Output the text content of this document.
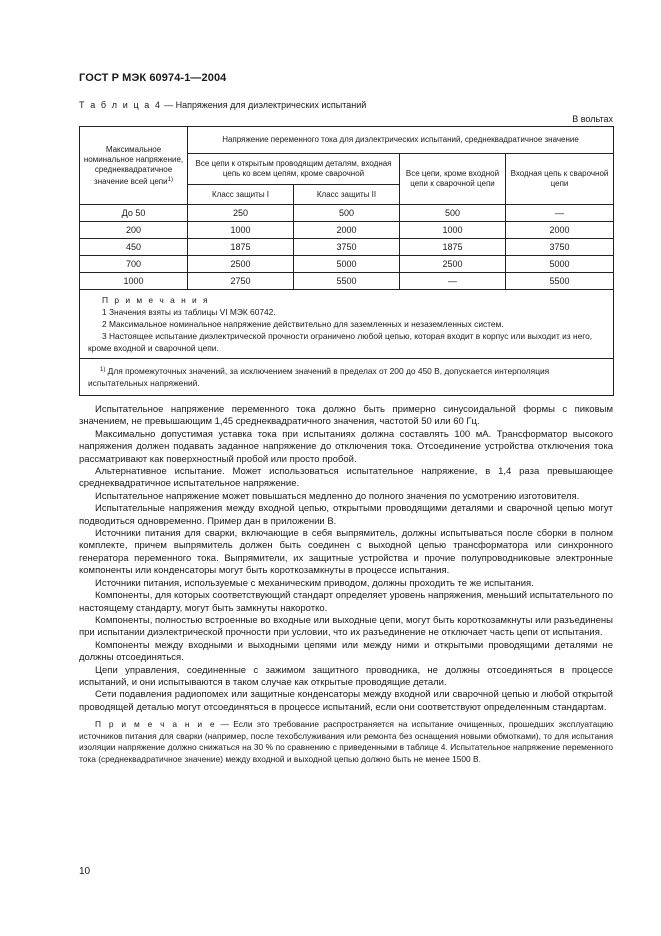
ГОСТ Р МЭК 60974-1—2004
Т а б л и ц а 4 — Напряжения для диэлектрических испытаний
В вольтах
Максимальное номинальное напряжение, среднеквадратичное значение всей цепи$^{1)}$	Напряжение переменного тока для диэлектрических испытаний, среднеквадратичное значение			
	Все цепи к открытым проводящим деталям, входная цепь ко всем цепям, кроме сварочной		Все цепи, кроме входной цепи к сварочной цепи	Входная цепь к сварочной цепи
	Класс защиты I	Класс защиты II		
До 50	250	500	500	—
200	1000	2000	1000	2000
450	1875	3750	1875	3750
700	2500	5000	2500	5000
1000	2750	5500	—	5500

П р и м е ч а н и я

1 Значения взяты из таблицы VI МЭК 60742.

2 Максимальное номинальное напряжение действительно для заземленных и незаземленных систем.

3 Настоящее испытание диэлектрической прочности ограничено любой цепью, которая входит в корпус или выходит из него, кроме входной и сварочной цепи.				

$^{1)}$ Для промежуточных значений, за исключением значений в пределах от 200 до 450 В, допускается интерполяция испытательных напряжений.				

Испытательное напряжение переменного тока должно быть примерно синусоидальной формы с пиковым значением, не превышающим 1,45 среднеквадратичного значения, частотой 50 или 60 Гц.

Максимально допустимая уставка тока при испытаниях должна составлять 100 мА. Трансформатор высокого напряжения должен подавать заданное напряжение до отключения тока. Отсоединение устройства отключения тока рассматривают как поверхностный пробой или просто пробой.

Альтернативное испытание. Может использоваться испытательное напряжение, в 1,4 раза превышающее среднеквадратичное испытательное напряжение.

Испытательное напряжение может повышаться медленно до полного значения по усмотрению изготовителя.

Испытательные напряжения между входной цепью, открытыми проводящими деталями и сварочной цепью могут подводиться одновременно. Пример дан в приложении В.

Источники питания для сварки, включающие в себя выпрямитель, должны испытываться после сборки в полном комплекте, причем выпрямитель должен быть соединен с выходной цепью трансформатора или синхронного генератора переменного тока. Выпрямители, их защитные устройства и прочие полупроводниковые электронные компоненты или конденсаторы могут быть короткозамкнуты в процессе испытания.

Источники питания, используемые с механическим приводом, должны проходить те же испытания.

Компоненты, для которых соответствующий стандарт определяет уровень напряжения, меньший испытательного по настоящему стандарту, могут быть замкнуты накоротко.

Компоненты, полностью встроенные во входные или выходные цепи, могут быть короткозамкнуты или разъединены при испытании диэлектрической прочности при условии, что их разъединение не отключает часть цепи от испытания.

Компоненты между входными и выходными цепями или между ними и открытыми проводящими деталями не должны отсоединяться.

Цепи управления, соединенные с зажимом защитного проводника, не должны отсоединяться в процессе испытаний, и они испытываются в таком случае как открытые проводящие детали.

Сети подавления радиопомех или защитные конденсаторы между входной или сварочной цепью и любой открытой проводящей деталью могут отсоединяться в процессе испытаний, если они соответствуют определенным стандартам.

П р и м е ч а н и е — Если это требование распространяется на испытание очищенных, прошедших эксплуатацию источников питания для сварки (например, после техобслуживания или ремонта без оснащения новыми обмотками), то для испытания изоляции напряжение должно снижаться на 30 % по сравнению с приведенными в таблице 4. Испытательное напряжение переменного тока (среднеквадратичное значение) между входной и выходной цепью должно быть не менее 1500 В.

10
